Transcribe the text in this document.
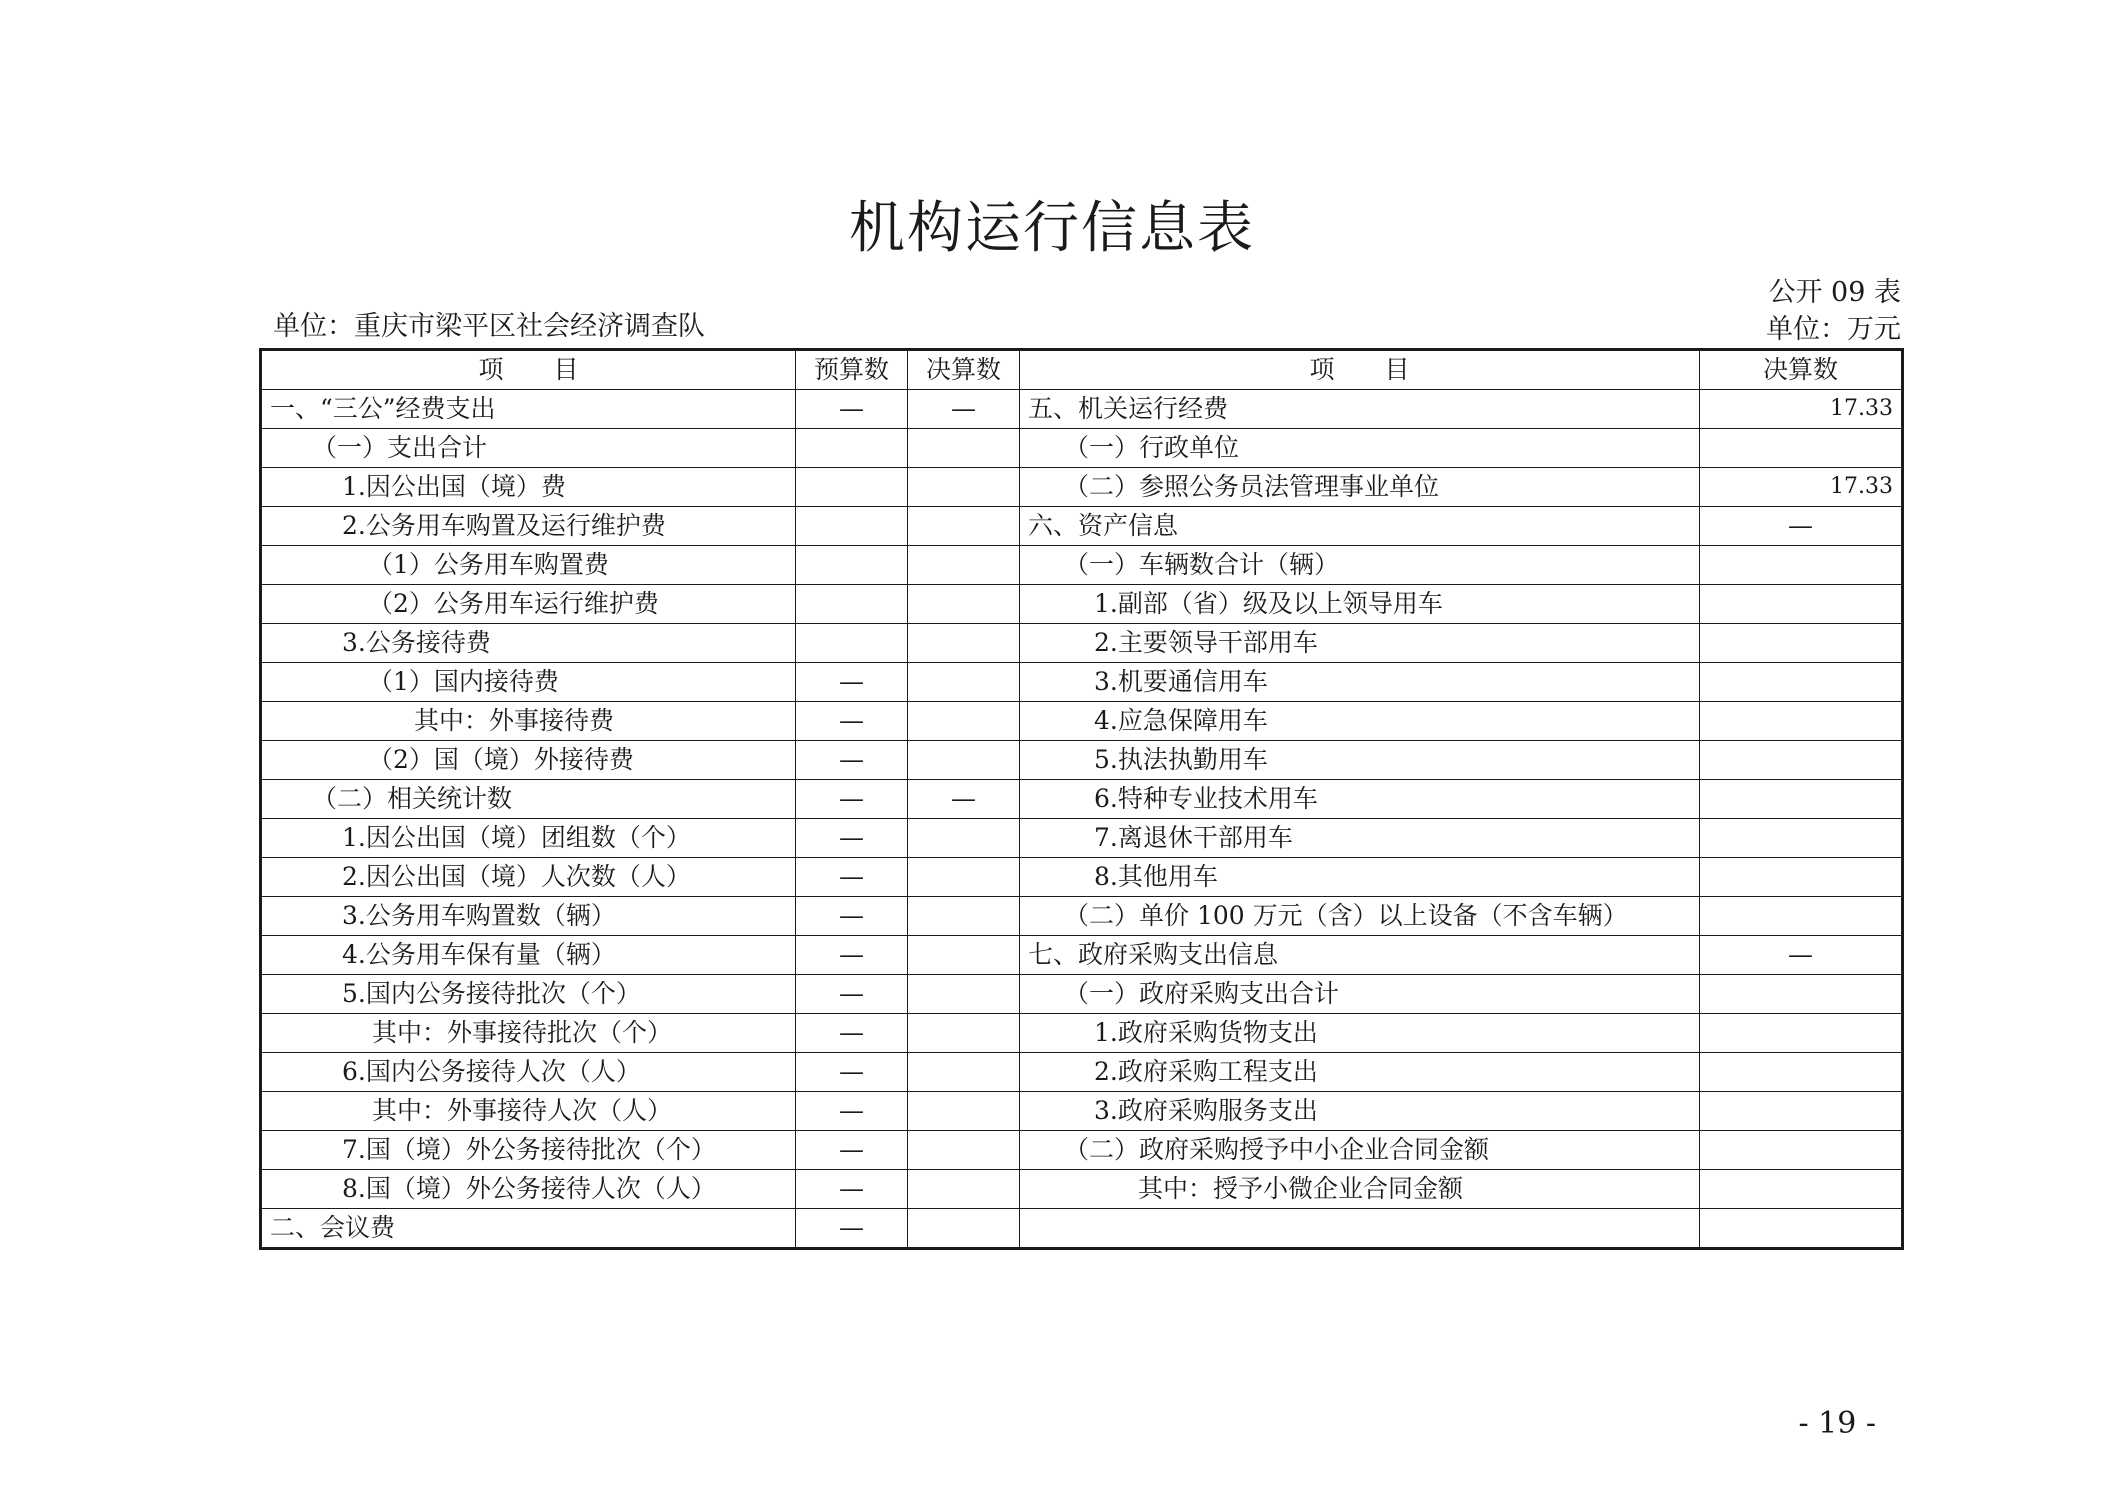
机构运行信息表
公开 09 表
单位：重庆市梁平区社会经济调查队	单位：万元
项　　目	预算数	决算数	项　　目	决算数
一、“三公”经费支出	—	—	五、机关运行经费	17.33
（一）支出合计			（一）行政单位	
1.因公出国（境）费			（二）参照公务员法管理事业单位	17.33
2.公务用车购置及运行维护费			六、资产信息	—
（1）公务用车购置费			（一）车辆数合计（辆）	
（2）公务用车运行维护费			1.副部（省）级及以上领导用车	
3.公务接待费			2.主要领导干部用车	
（1）国内接待费	—		3.机要通信用车	
其中：外事接待费	—		4.应急保障用车	
（2）国（境）外接待费	—		5.执法执勤用车	
（二）相关统计数	—	—	6.特种专业技术用车	
1.因公出国（境）团组数（个）	—		7.离退休干部用车	
2.因公出国（境）人次数（人）	—		8.其他用车	
3.公务用车购置数（辆）	—		（二）单价 100 万元（含）以上设备（不含车辆）	
4.公务用车保有量（辆）	—		七、政府采购支出信息	—
5.国内公务接待批次（个）	—		（一）政府采购支出合计	
其中：外事接待批次（个）	—		1.政府采购货物支出	
6.国内公务接待人次（人）	—		2.政府采购工程支出	
其中：外事接待人次（人）	—		3.政府采购服务支出	
7.国（境）外公务接待批次（个）	—		（二）政府采购授予中小企业合同金额	
8.国（境）外公务接待人次（人）	—		其中：授予小微企业合同金额	
二、会议费	—			
- 19 -
